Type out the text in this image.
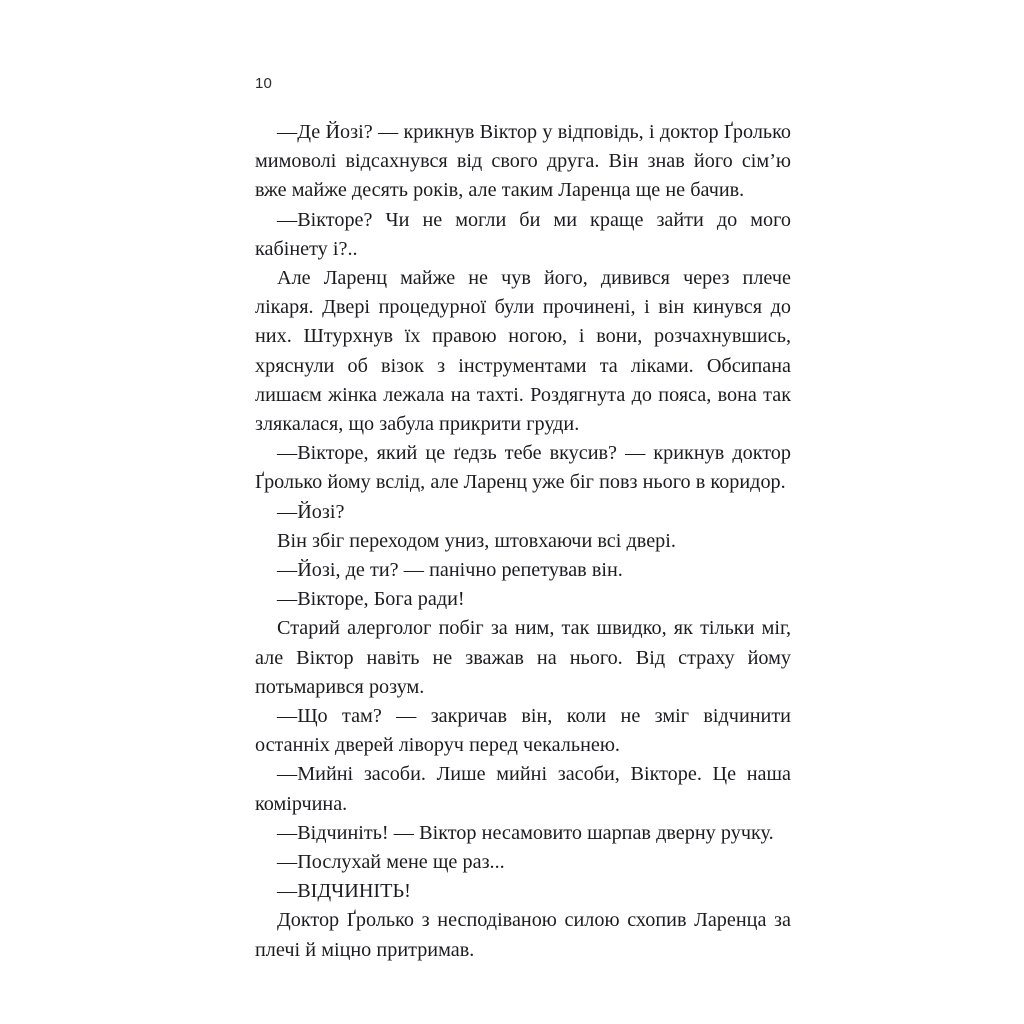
10

—Де Йозі? — крикнув Віктор у відповідь, і доктор Ґролько мимоволі відсахнувся від свого друга. Він знав його сім’ю вже майже десять років, але таким Ларенца ще не бачив.

—Вікторе? Чи не могли би ми краще зайти до мого кабінету і?..

Але Ларенц майже не чув його, дивився через плече лікаря. Двері процедурної були прочинені, і він кинувся до них. Штурхнув їх правою ногою, і вони, розчахнувшись, хряснули об візок з інструментами та ліками. Обсипана лишаєм жінка лежала на тахті. Роздягнута до пояса, вона так злякалася, що забула прикрити груди.

—Вікторе, який це ґедзь тебе вкусив? — крикнув доктор Ґролько йому вслід, але Ларенц уже біг повз нього в коридор.

—Йозі?

Він збіг переходом униз, штовхаючи всі двері.

—Йозі, де ти? — панічно репетував він.

—Вікторе, Бога ради!

Старий алерголог побіг за ним, так швидко, як тільки міг, але Віктор навіть не зважав на нього. Від страху йому потьмарився розум.

—Що там? — закричав він, коли не зміг відчинити останніх дверей ліворуч перед чекальнею.

—Мийні засоби. Лише мийні засоби, Вікторе. Це наша комірчина.

—Відчиніть! — Віктор несамовито шарпав дверну ручку.

—Послухай мене ще раз...

—ВІДЧИНІТЬ!

Доктор Ґролько з несподіваною силою схопив Ларенца за плечі й міцно притримав.
